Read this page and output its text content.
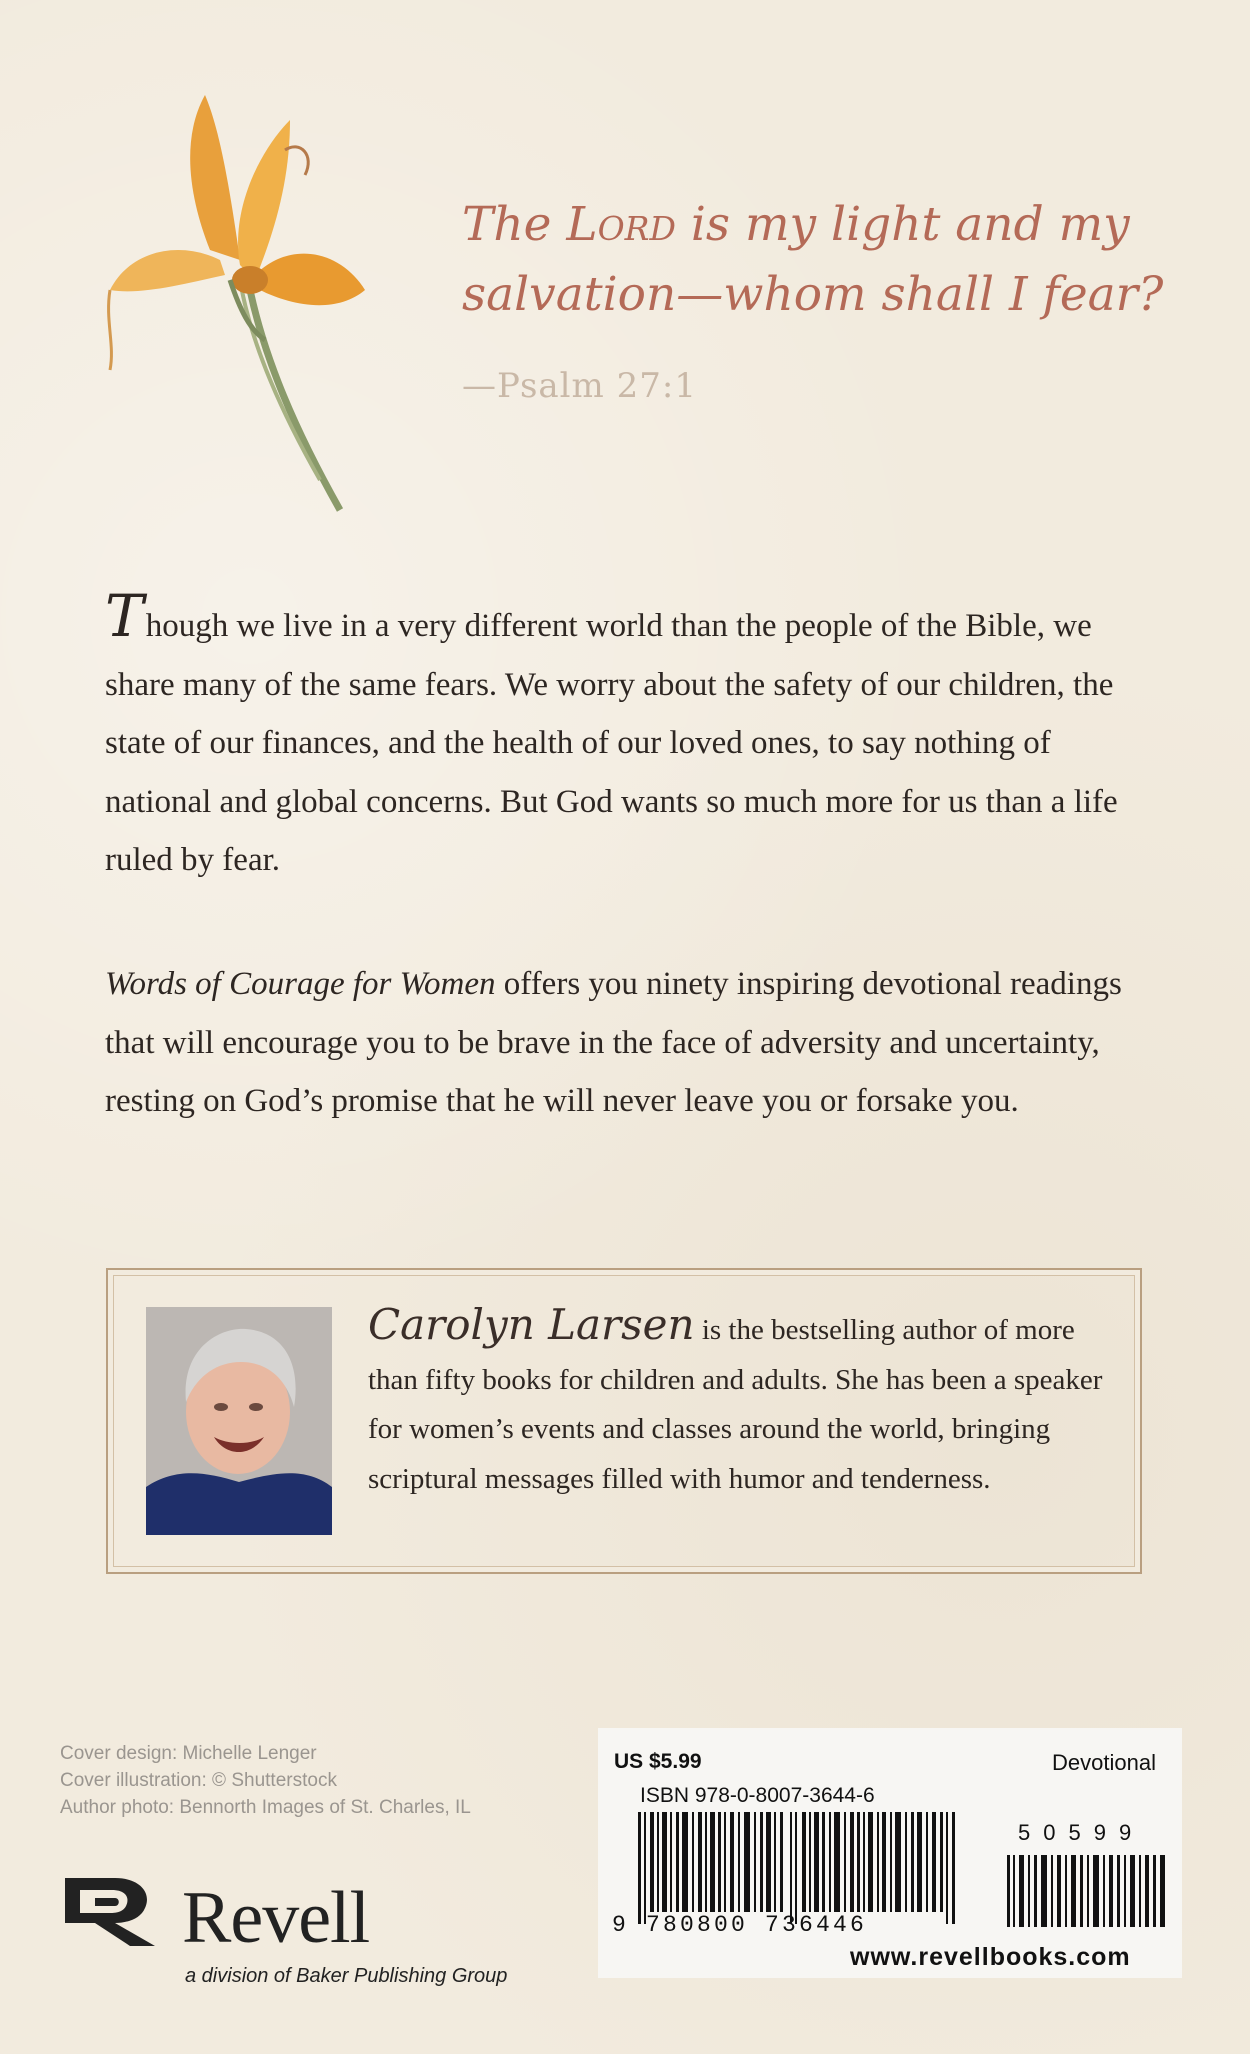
The Lord is my light and my
salvation—whom shall I fear?
—Psalm 27:1
Though we live in a very different world than the people of the Bible, we share many of the same fears. We worry about the safety of our children, the state of our finances, and the health of our loved ones, to say nothing of national and global concerns. But God wants so much more for us than a life ruled by fear.
Words of Courage for Women offers you ninety inspiring devotional readings that will encourage you to be brave in the face of adversity and uncertainty, resting on God’s promise that he will never leave you or forsake you.
Carolyn Larsen is the bestselling author of more than fifty books for children and adults. She has been a speaker for women’s events and classes around the world, bringing scriptural messages filled with humor and tenderness.
Cover design: Michelle Lenger
Cover illustration: © Shutterstock
Author photo: Bennorth Images of St. Charles, IL
Revell
a division of Baker Publishing Group
US $5.99	Devotional
ISBN 978-0-8007-3644-6
9 780800 736446
50599
www.revellbooks.com
